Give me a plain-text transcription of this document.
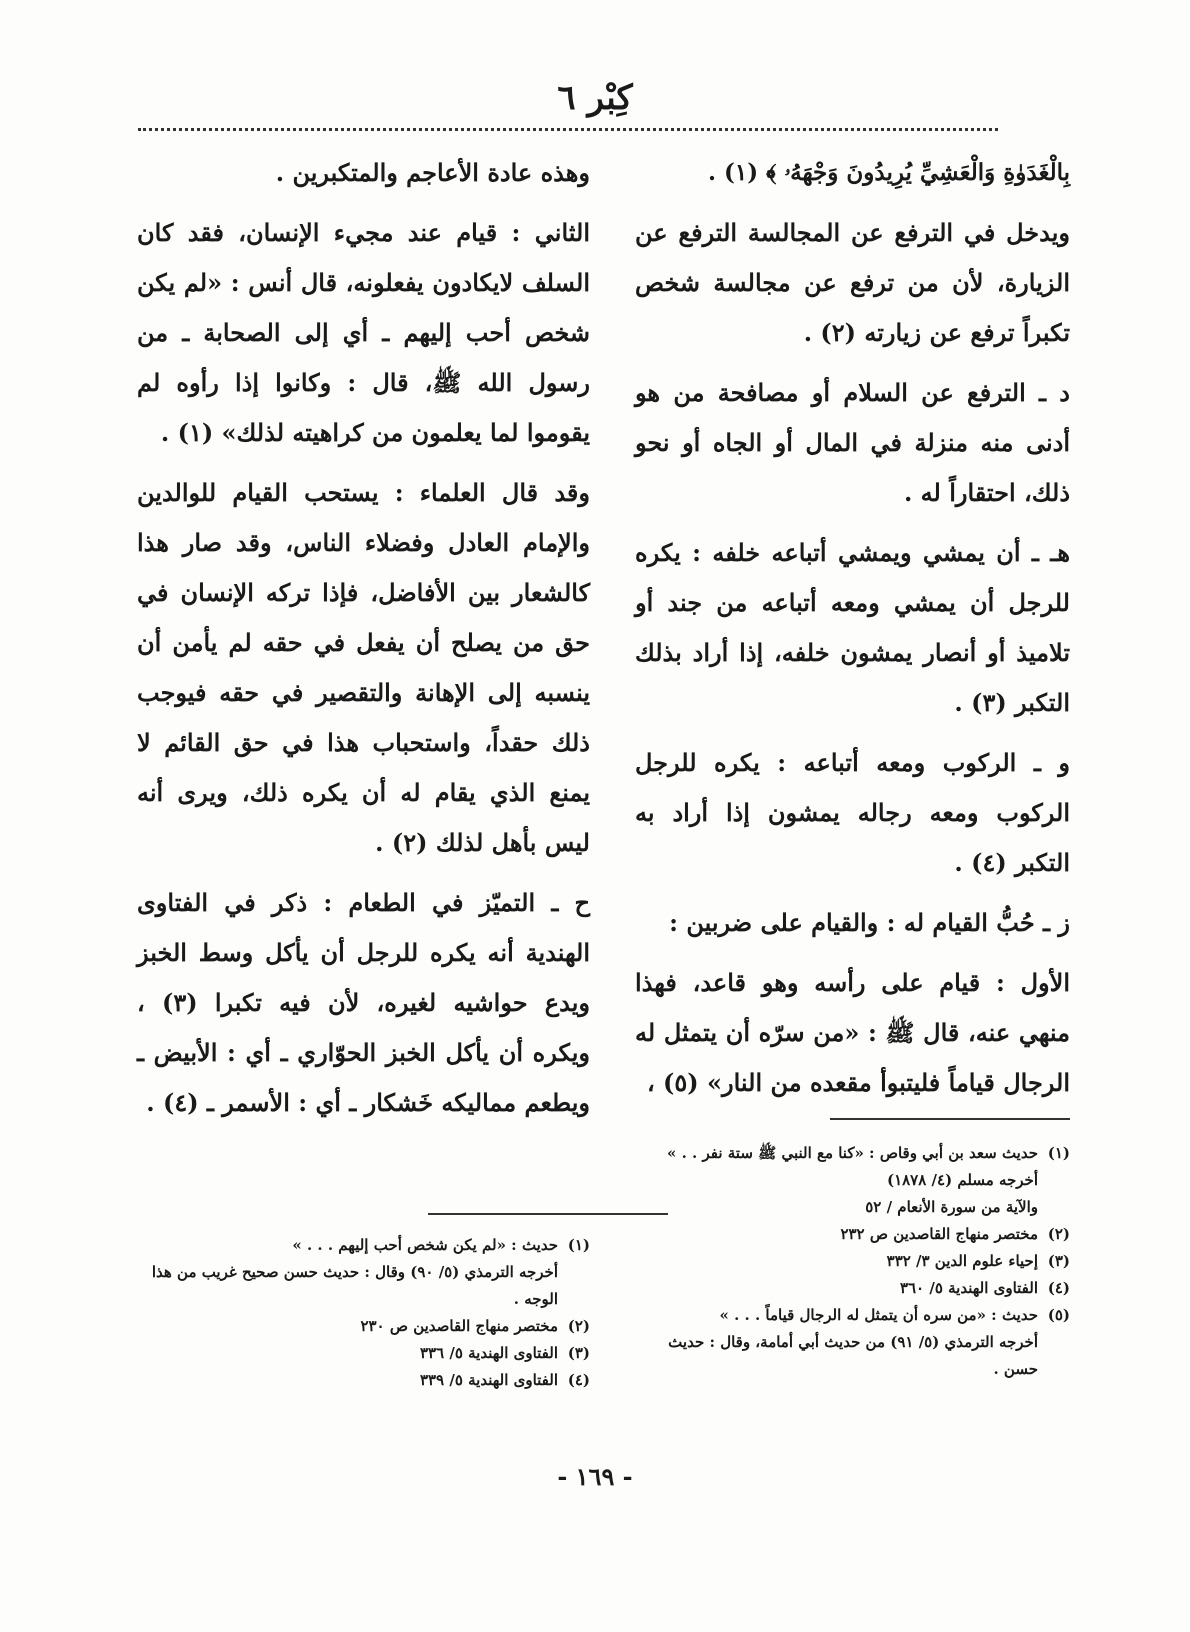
كِبْر ٦

بِالْغَدَوٰةِ وَالْعَشِيِّ يُرِيدُونَ وَجْهَهُۥ ﴾ (١) .

ويدخل في الترفع عن المجالسة الترفع عن الزيارة، لأن من ترفع عن مجالسة شخص تكبراً ترفع عن زيارته (٢) .

د ـ الترفع عن السلام أو مصافحة من هو أدنى منه منزلة في المال أو الجاه أو نحو ذلك، احتقاراً له .

هـ ـ أن يمشي ويمشي أتباعه خلفه : يكره للرجل أن يمشي ومعه أتباعه من جند أو تلاميذ أو أنصار يمشون خلفه، إذا أراد بذلك التكبر (٣) .

و ـ الركوب ومعه أتباعه : يكره للرجل الركوب ومعه رجاله يمشون إذا أراد به التكبر (٤) .

ز ـ حُبُّ القيام له : والقيام على ضربين :

الأول : قيام على رأسه وهو قاعد، فهذا منهي عنه، قال ﷺ : «من سرّه أن يتمثل له الرجال قياماً فليتبوأ مقعده من النار» (٥) ،

وهذه عادة الأعاجم والمتكبرين .

الثاني : قيام عند مجيء الإنسان، فقد كان السلف لايكادون يفعلونه، قال أنس : «لم يكن شخص أحب إليهم ـ أي إلى الصحابة ـ من رسول الله ﷺ، قال : وكانوا إذا رأوه لم يقوموا لما يعلمون من كراهيته لذلك» (١) .

وقد قال العلماء : يستحب القيام للوالدين والإمام العادل وفضلاء الناس، وقد صار هذا كالشعار بين الأفاضل، فإذا تركه الإنسان في حق من يصلح أن يفعل في حقه لم يأمن أن ينسبه إلى الإهانة والتقصير في حقه فيوجب ذلك حقداً، واستحباب هذا في حق القائم لا يمنع الذي يقام له أن يكره ذلك، ويرى أنه ليس بأهل لذلك (٢) .

ح ـ التميّز في الطعام : ذكر في الفتاوى الهندية أنه يكره للرجل أن يأكل وسط الخبز ويدع حواشيه لغيره، لأن فيه تكبرا (٣) ، ويكره أن يأكل الخبز الحوّاري ـ أي : الأبيض ـ ويطعم مماليكه خَشكار ـ أي : الأسمر ـ (٤) .

(١)حديث سعد بن أبي وقاص : «كنا مع النبي ﷺ ستة نفر . . »
أخرجه مسلم (٤/ ١٨٧٨)
والآية من سورة الأنعام / ٥٢
(٢)مختصر منهاج القاصدين ص ٢٣٢
(٣)إحياء علوم الدين ٣/ ٣٣٢
(٤)الفتاوى الهندية ٥/ ٣٦٠
(٥)حديث : «من سره أن يتمثل له الرجال قياماً . . . »
أخرجه الترمذي (٥/ ٩١) من حديث أبي أمامة، وقال : حديث حسن .
(١)حديث : «لم يكن شخص أحب إليهم . . . »
أخرجه الترمذي (٥/ ٩٠) وقال : حديث حسن صحيح غريب من هذا الوجه .
(٢)مختصر منهاج القاصدين ص ٢٣٠
(٣)الفتاوى الهندية ٥/ ٣٣٦
(٤)الفتاوى الهندية ٥/ ٣٣٩
- ١٦٩ -
